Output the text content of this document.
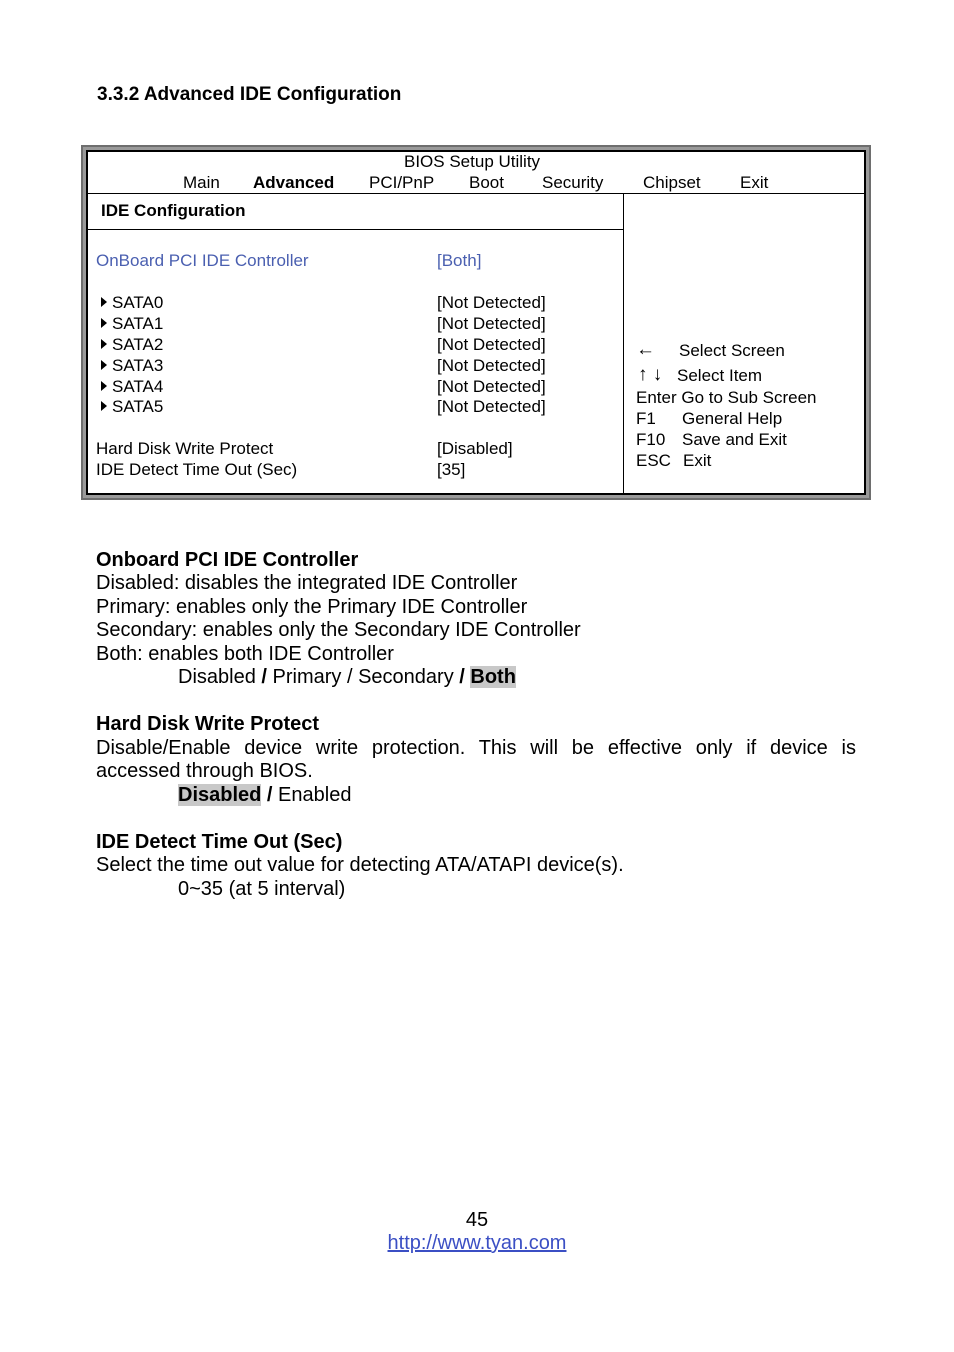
3.3.2 Advanced IDE Configuration
BIOS Setup Utility
Main Advanced PCI/PnP Boot Security Chipset Exit
IDE Configuration
OnBoard PCI IDE Controller	[Both]
SATA0	[Not Detected]
SATA1	[Not Detected]
SATA2	[Not Detected]
SATA3	[Not Detected]
SATA4	[Not Detected]
SATA5	[Not Detected]
Hard Disk Write Protect	[Disabled]
IDE Detect Time Out (Sec)	[35]
← Select Screen
↑ ↓ Select Item
Enter Go to Sub Screen
F1 General Help
F10 Save and Exit
ESC Exit
Onboard PCI IDE Controller
Disabled: disables the integrated IDE Controller
Primary: enables only the Primary IDE Controller
Secondary: enables only the Secondary IDE Controller
Both: enables both IDE Controller
Disabled / Primary / Secondary / Both
Hard Disk Write Protect
Disable/Enable device write protection. This will be effective only if device is
accessed through BIOS.
Disabled / Enabled
IDE Detect Time Out (Sec)
Select the time out value for detecting ATA/ATAPI device(s).
0~35 (at 5 interval)
45
http://www.tyan.com
